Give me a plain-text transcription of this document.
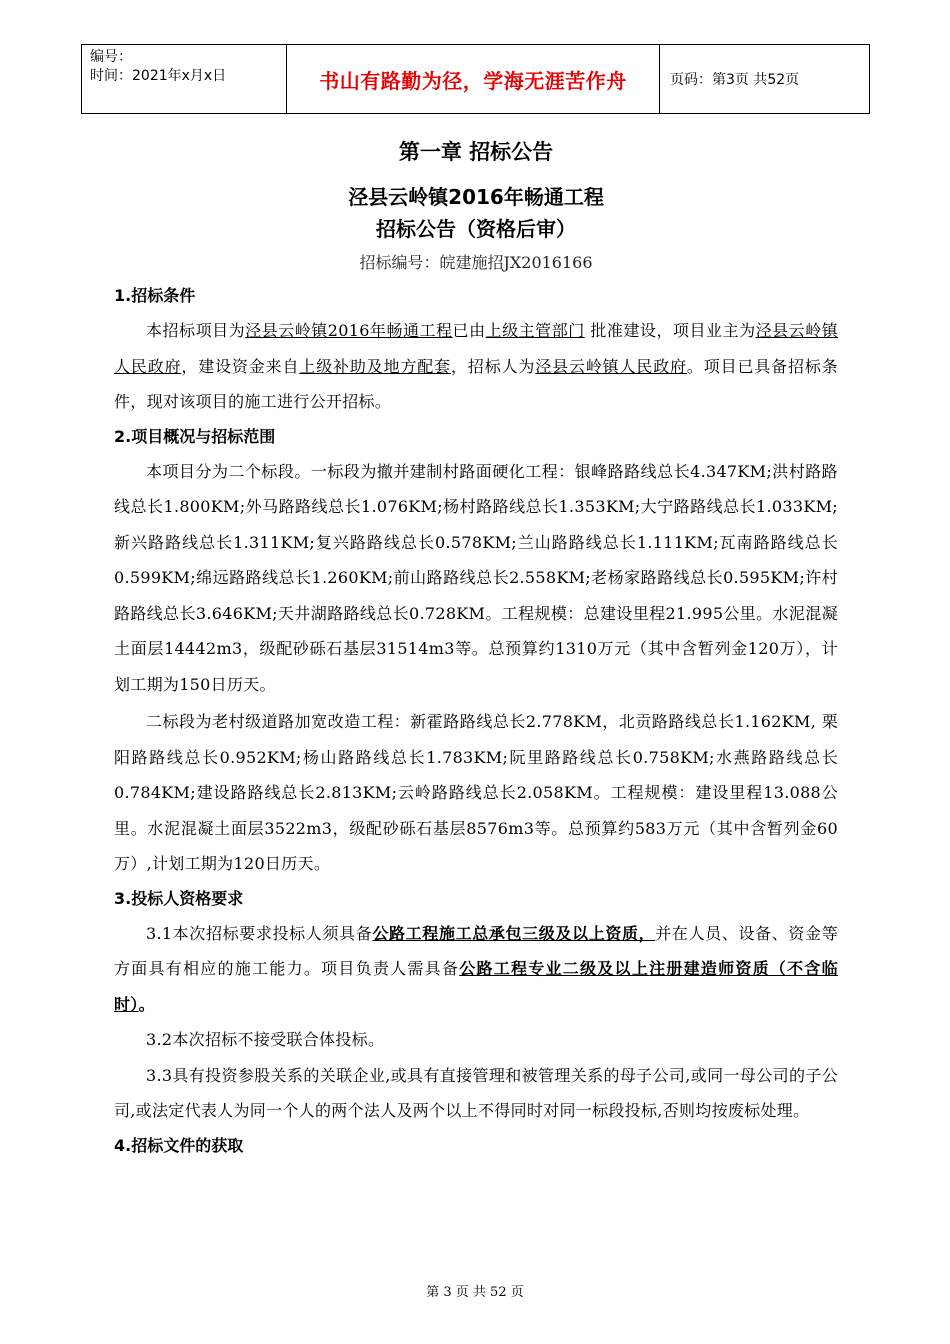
编号：
时间：2021年x月x日	书山有路勤为径，学海无涯苦作舟	页码：第3页 共52页
第一章 招标公告
泾县云岭镇2016年畅通工程
招标公告（资格后审）
招标编号：皖建施招JX2016166
1.招标条件

本招标项目为泾县云岭镇2016年畅通工程已由上级主管部门 批准建设，项目业主为泾县云岭镇人民政府，建设资金来自上级补助及地方配套，招标人为泾县云岭镇人民政府。项目已具备招标条件，现对该项目的施工进行公开招标。

2.项目概况与招标范围

本项目分为二个标段。一标段为撤并建制村路面硬化工程：银峰路路线总长4.347KM;洪村路路线总长1.800KM;外马路路线总长1.076KM;杨村路路线总长1.353KM;大宁路路线总长1.033KM;新兴路路线总长1.311KM;复兴路路线总长0.578KM;兰山路路线总长1.111KM;瓦南路路线总长0.599KM;绵远路路线总长1.260KM;前山路路线总长2.558KM;老杨家路路线总长0.595KM;许村路路线总长3.646KM;天井湖路路线总长0.728KM。工程规模：总建设里程21.995公里。水泥混凝土面层14442m3，级配砂砾石基层31514m3等。总预算约1310万元（其中含暂列金120万），计划工期为150日历天。

二标段为老村级道路加宽改造工程：新霍路路线总长2.778KM，北贡路路线总长1.162KM, 栗阳路路线总长0.952KM;杨山路路线总长1.783KM;阮里路路线总长0.758KM;水燕路路线总长0.784KM;建设路路线总长2.813KM;云岭路路线总长2.058KM。工程规模：建设里程13.088公里。水泥混凝土面层3522m3，级配砂砾石基层8576m3等。总预算约583万元（其中含暂列金60万）,计划工期为120日历天。

3.投标人资格要求

3.1本次招标要求投标人须具备公路工程施工总承包三级及以上资质，并在人员、设备、资金等方面具有相应的施工能力。项目负责人需具备公路工程专业二级及以上注册建造师资质（不含临时）。

3.2本次招标不接受联合体投标。

3.3具有投资参股关系的关联企业,或具有直接管理和被管理关系的母子公司,或同一母公司的子公司,或法定代表人为同一个人的两个法人及两个以上不得同时对同一标段投标,否则均按废标处理。

4.招标文件的获取
第 3 页 共 52 页
